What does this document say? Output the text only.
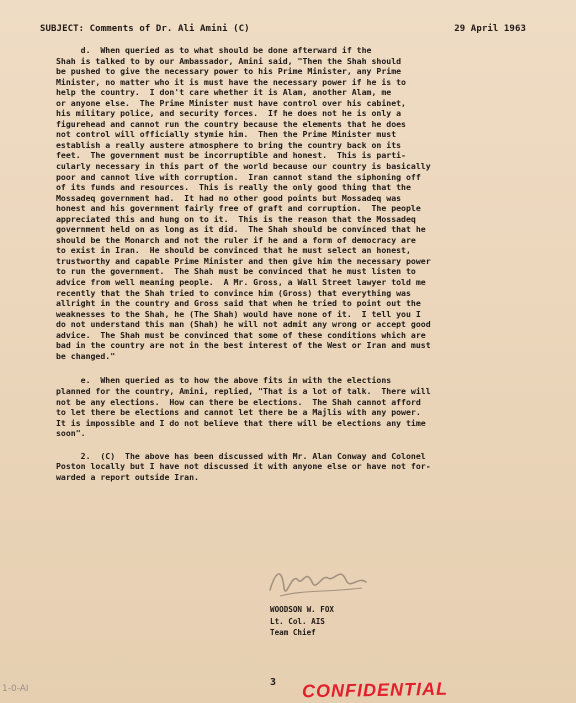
SUBJECT: Comments of Dr. Ali Amini (C)	29 April 1963
d.  When queried as to what should be done afterward if the
Shah is talked to by our Ambassador, Amini said, "Then the Shah should
be pushed to give the necessary power to his Prime Minister, any Prime
Minister, no matter who it is must have the necessary power if he is to
help the country.  I don't care whether it is Alam, another Alam, me
or anyone else.  The Prime Minister must have control over his cabinet,
his military police, and security forces.  If he does not he is only a
figurehead and cannot run the country because the elements that he does
not control will officially stymie him.  Then the Prime Minister must
establish a really austere atmosphere to bring the country back on its
feet.  The government must be incorruptible and honest.  This is parti-
cularly necessary in this part of the world because our country is basically
poor and cannot live with corruption.  Iran cannot stand the siphoning off
of its funds and resources.  This is really the only good thing that the
Mossadeq government had.  It had no other good points but Mossadeq was
honest and his government fairly free of graft and corruption.  The people
appreciated this and hung on to it.  This is the reason that the Mossadeq
government held on as long as it did.  The Shah should be convinced that he
should be the Monarch and not the ruler if he and a form of democracy are
to exist in Iran.  He should be convinced that he must select an honest,
trustworthy and capable Prime Minister and then give him the necessary power
to run the government.  The Shah must be convinced that he must listen to
advice from well meaning people.  A Mr. Gross, a Wall Street lawyer told me
recently that the Shah tried to convince him (Gross) that everything was
allright in the country and Gross said that when he tried to point out the
weaknesses to the Shah, he (The Shah) would have none of it.  I tell you I
do not understand this man (Shah) he will not admit any wrong or accept good
advice.  The Shah must be convinced that some of these conditions which are
bad in the country are not in the best interest of the West or Iran and must
be changed."
e.  When queried as to how the above fits in with the elections
planned for the country, Amini, replied, "That is a lot of talk.  There will
not be any elections.  How can there be elections.  The Shah cannot afford
to let there be elections and cannot let there be a Majlis with any power.
It is impossible and I do not believe that there will be elections any time
soon".
2.  (C)  The above has been discussed with Mr. Alan Conway and Colonel
Poston locally but I have not discussed it with anyone else or have not for-
warded a report outside Iran.
WOODSON W. FOX
Lt. Col. AIS
Team Chief
3 CONFIDENTIAL
1-0-AI
